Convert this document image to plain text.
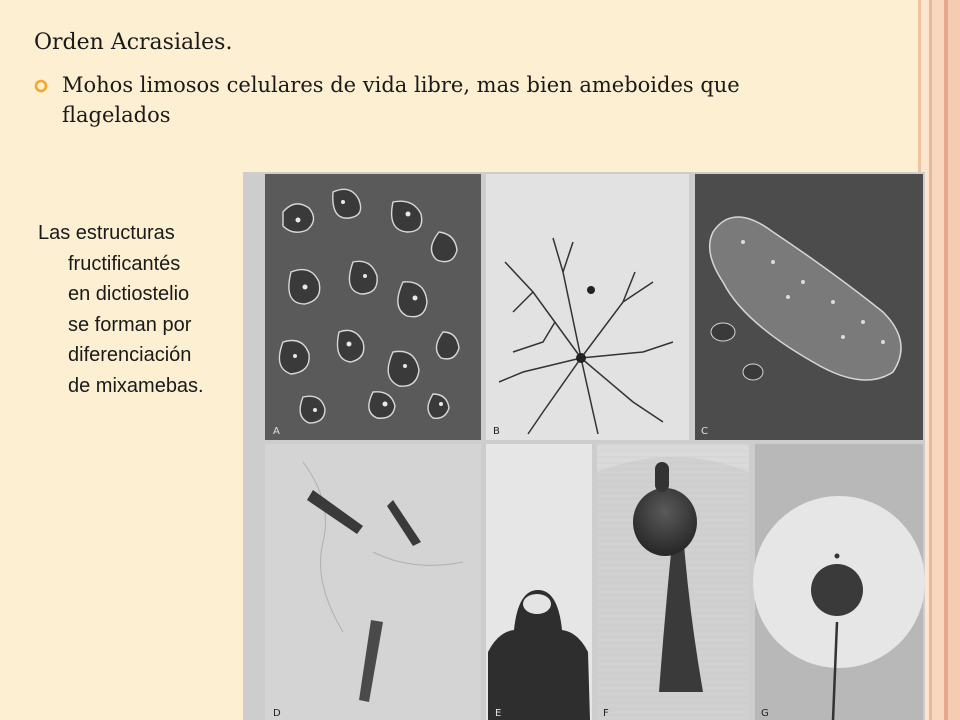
Orden Acrasiales.
Mohos limosos celulares de vida libre, mas bien ameboides que flagelados
Las estructuras
fructificantés
en dictiostelio
se forman por
diferenciación
de mixamebas.
A	B	C
D	E	F	G
